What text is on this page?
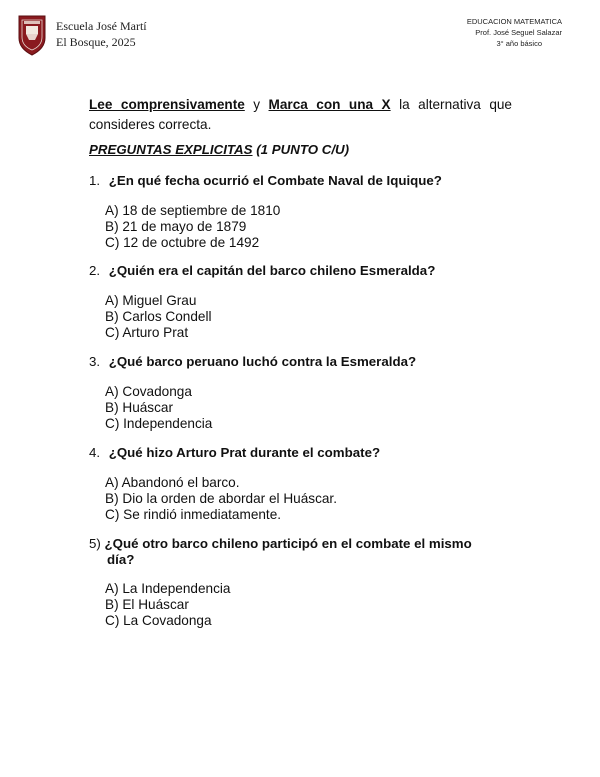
Escuela José Martí
El Bosque, 2025
EDUCACION MATEMATICA
Prof. José Seguel Salazar
3° año básico
Lee comprensivamente y Marca con una X la alternativa que consideres correcta.
PREGUNTAS EXPLICITAS (1 PUNTO C/U)
1. ¿En qué fecha ocurrió el Combate Naval de Iquique?
A) 18 de septiembre de 1810
B) 21 de mayo de 1879
C) 12 de octubre de 1492
2. ¿Quién era el capitán del barco chileno Esmeralda?
A) Miguel Grau
B) Carlos Condell
C) Arturo Prat
3. ¿Qué barco peruano luchó contra la Esmeralda?
A) Covadonga
B) Huáscar
C) Independencia
4. ¿Qué hizo Arturo Prat durante el combate?
A) Abandonó el barco.
B) Dio la orden de abordar el Huáscar.
C) Se rindió inmediatamente.
5) ¿Qué otro barco chileno participó en el combate el mismo
día?
A) La Independencia
B) El Huáscar
C) La Covadonga
